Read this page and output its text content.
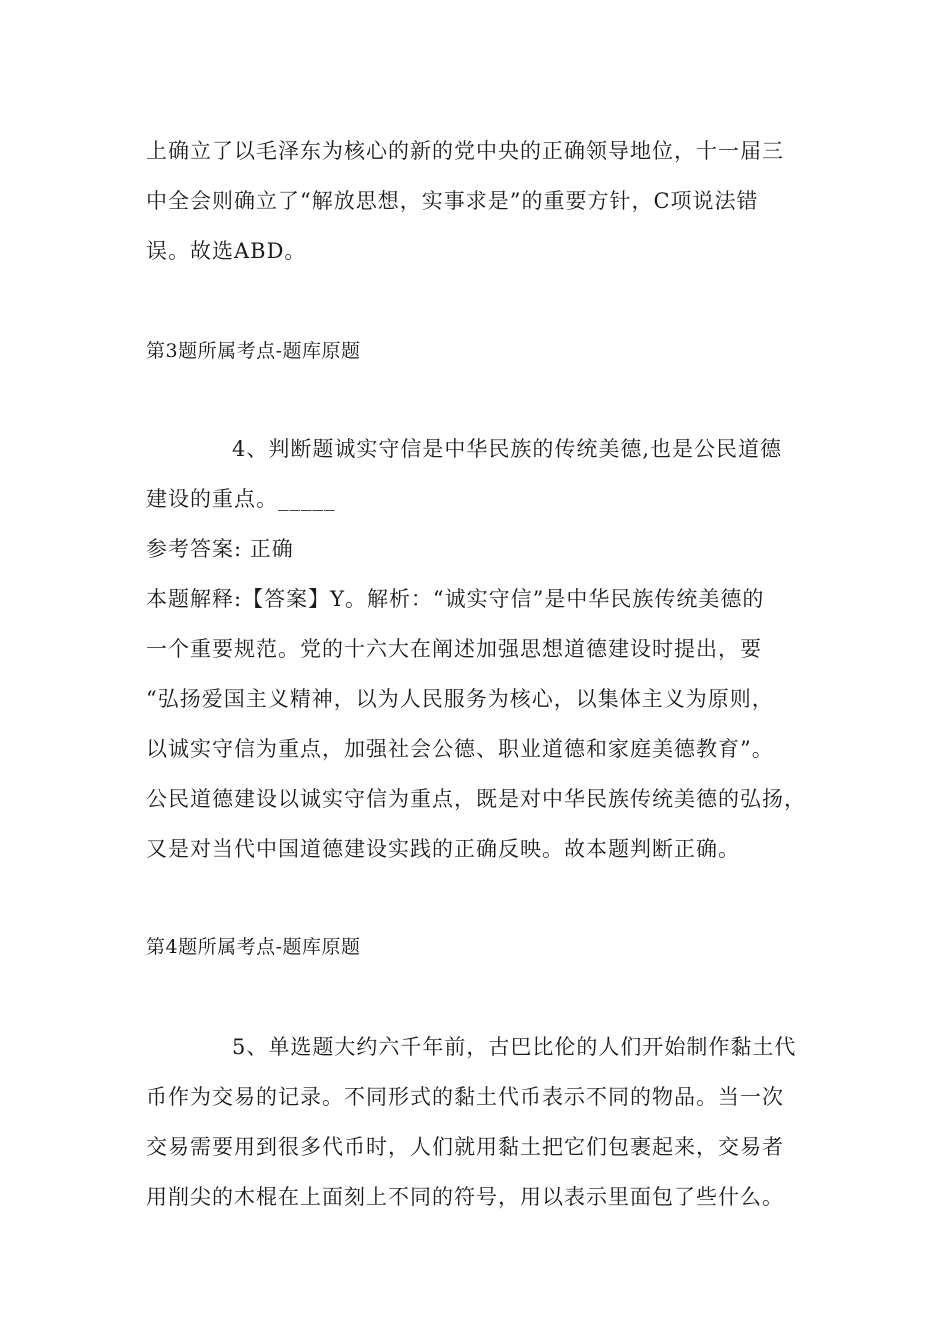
上确立了以毛泽东为核心的新的党中央的正确领导地位，十一届三
中全会则确立了“解放思想，实事求是”的重要方针，C项说法错
误。故选ABD。
第3题所属考点-题库原题
4、判断题诚实守信是中华民族的传统美德,也是公民道德
建设的重点。_____
参考答案: 正确
本题解释:【答案】Y。解析：“诚实守信”是中华民族传统美德的
一个重要规范。党的十六大在阐述加强思想道德建设时提出，要
“弘扬爱国主义精神，以为人民服务为核心，以集体主义为原则，
以诚实守信为重点，加强社会公德、职业道德和家庭美德教育”。
公民道德建设以诚实守信为重点，既是对中华民族传统美德的弘扬，
又是对当代中国道德建设实践的正确反映。故本题判断正确。
第4题所属考点-题库原题
5、单选题大约六千年前，古巴比伦的人们开始制作黏土代
币作为交易的记录。不同形式的黏土代币表示不同的物品。当一次
交易需要用到很多代币时，人们就用黏土把它们包裹起来，交易者
用削尖的木棍在上面刻上不同的符号，用以表示里面包了些什么。
